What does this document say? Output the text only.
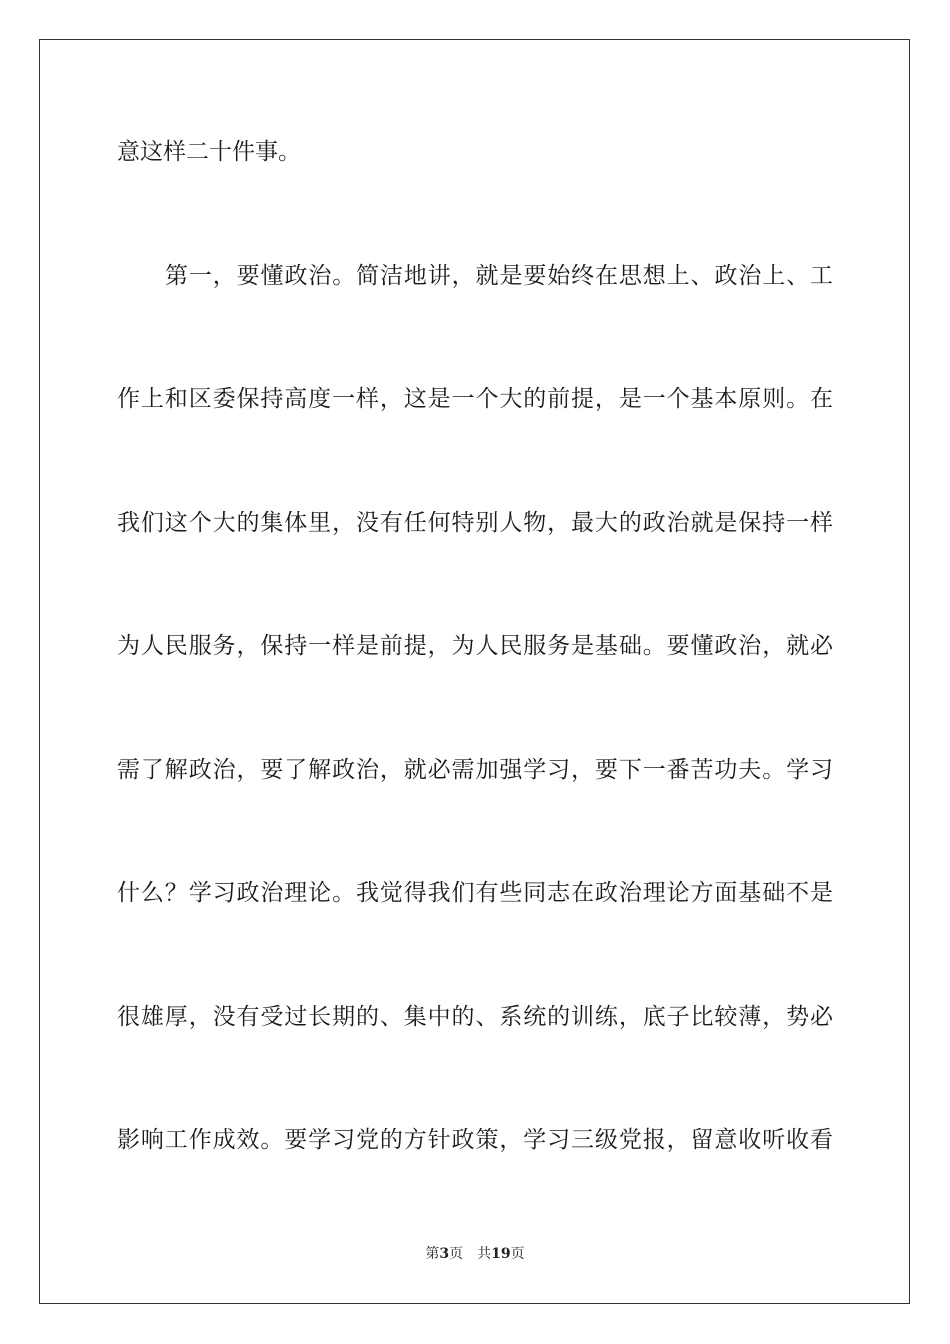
意这样二十件事。
第一，要懂政治。简洁地讲，就是要始终在思想上、政治上、工
作上和区委保持高度一样，这是一个大的前提，是一个基本原则。在
我们这个大的集体里，没有任何特别人物，最大的政治就是保持一样
为人民服务，保持一样是前提，为人民服务是基础。要懂政治，就必
需了解政治，要了解政治，就必需加强学习，要下一番苦功夫。学习
什么？学习政治理论。我觉得我们有些同志在政治理论方面基础不是
很雄厚，没有受过长期的、集中的、系统的训练，底子比较薄，势必
影响工作成效。要学习党的方针政策，学习三级党报，留意收听收看
第3页 共19页
